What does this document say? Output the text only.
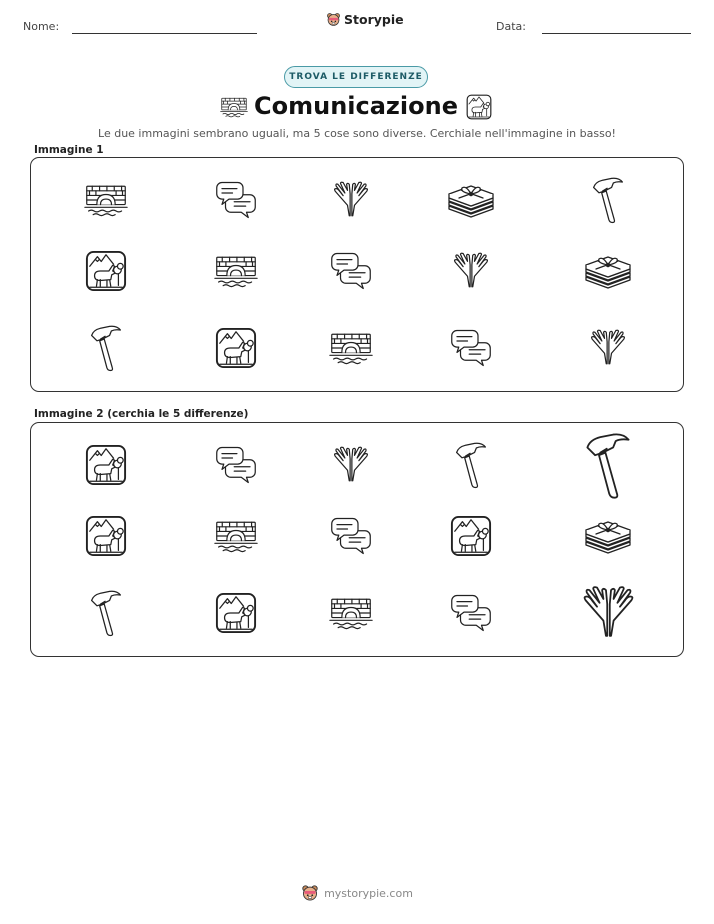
Nome:	Storypie	Data:
TROVA LE DIFFERENZE
Comunicazione
Le due immagini sembrano uguali, ma 5 cose sono diverse. Cerchiale nell'immagine in basso!
Immagine 1
Immagine 2 (cerchia le 5 differenze)
mystorypie.com
